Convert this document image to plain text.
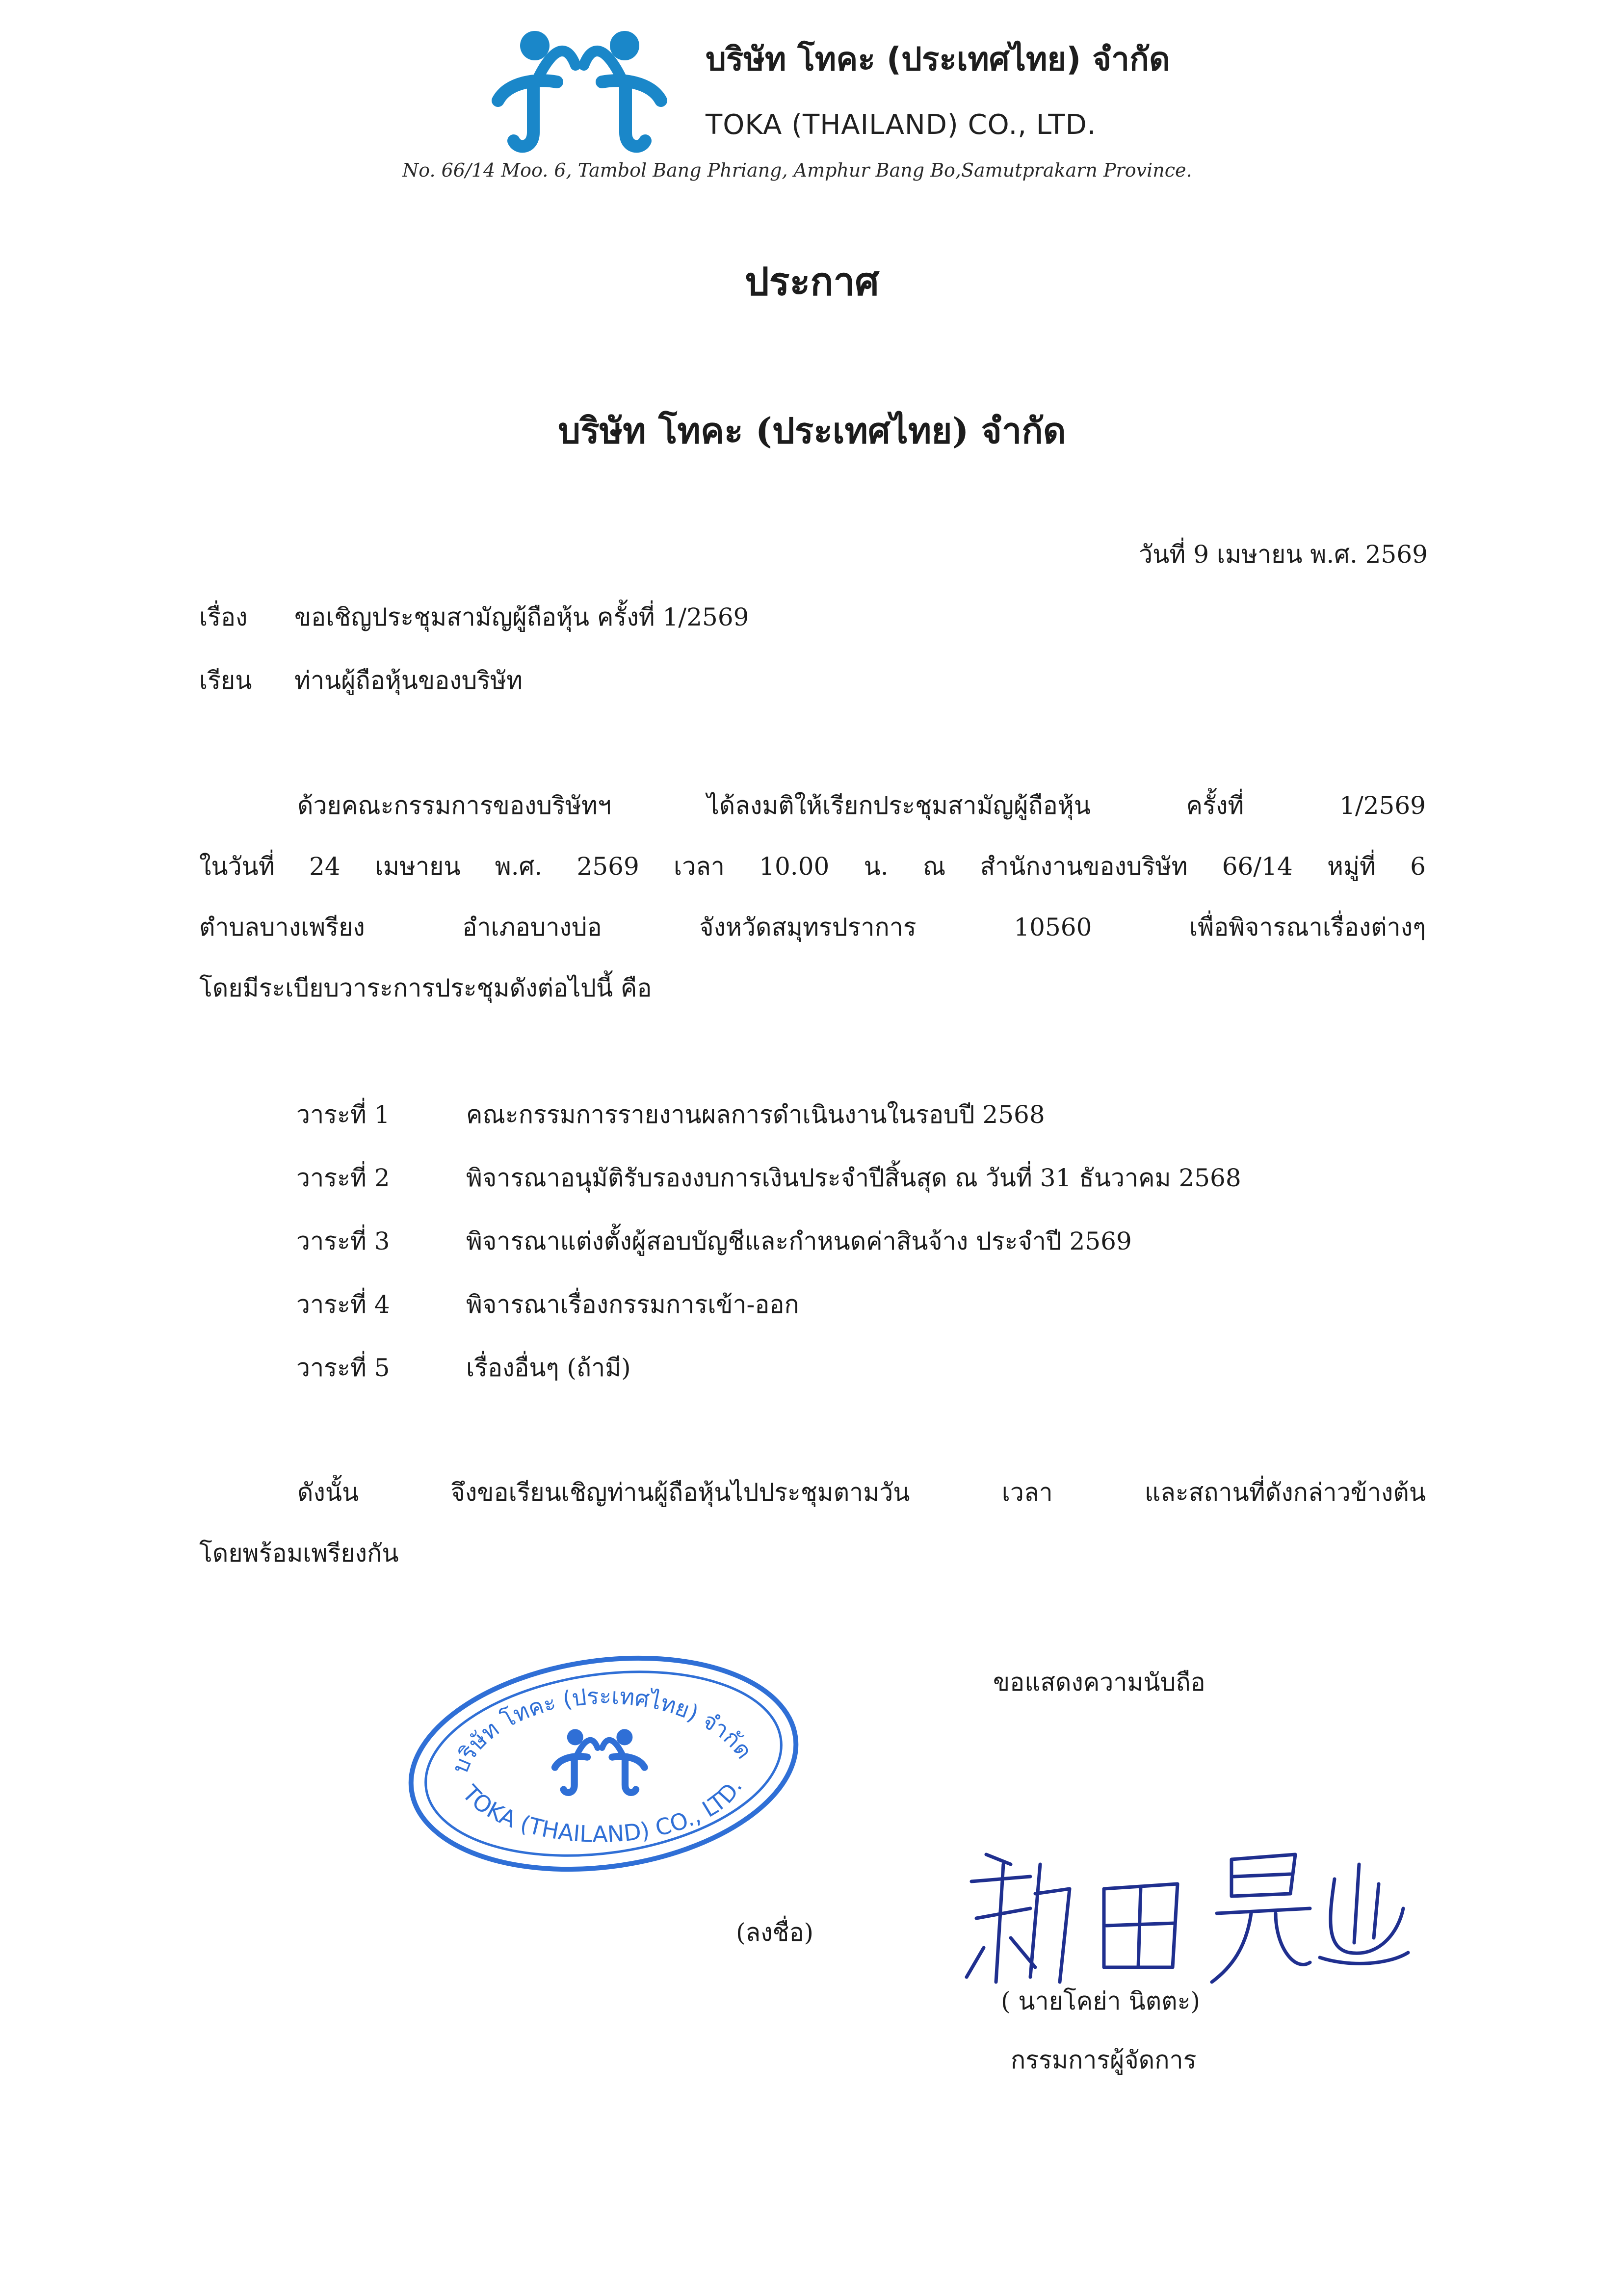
บริษัท โทคะ (ประเทศไทย) จำกัด
TOKA (THAILAND) CO., LTD.
No. 66/14 Moo. 6, Tambol Bang Phriang, Amphur Bang Bo,Samutprakarn Province.
ประกาศ
บริษัท โทคะ (ประเทศไทย) จำกัด
วันที่ 9 เมษายน พ.ศ. 2569
เรื่อง ขอเชิญประชุมสามัญผู้ถือหุ้น ครั้งที่ 1/2569
เรียน ท่านผู้ถือหุ้นของบริษัท
ด้วยคณะกรรมการของบริษัทฯ ได้ลงมติให้เรียกประชุมสามัญผู้ถือหุ้น ครั้งที่ 1/2569
ในวันที่ 24 เมษายน พ.ศ. 2569 เวลา 10.00 น. ณ สำนักงานของบริษัท 66/14 หมู่ที่ 6
ตำบลบางเพรียง อำเภอบางบ่อ จังหวัดสมุทรปราการ 10560 เพื่อพิจารณาเรื่องต่างๆ
โดยมีระเบียบวาระการประชุมดังต่อไปนี้ คือ
วาระที่ 1	คณะกรรมการรายงานผลการดำเนินงานในรอบปี 2568
วาระที่ 2	พิจารณาอนุมัติรับรองงบการเงินประจำปีสิ้นสุด ณ วันที่ 31 ธันวาคม 2568
วาระที่ 3	พิจารณาแต่งตั้งผู้สอบบัญชีและกำหนดค่าสินจ้าง ประจำปี 2569
วาระที่ 4	พิจารณาเรื่องกรรมการเข้า-ออก
วาระที่ 5	เรื่องอื่นๆ (ถ้ามี)
ดังนั้น จึงขอเรียนเชิญท่านผู้ถือหุ้นไปประชุมตามวัน เวลา และสถานที่ดังกล่าวข้างต้น
โดยพร้อมเพรียงกัน
ขอแสดงความนับถือ
บริษัท โทคะ (ประเทศไทย) จำกัด
TOKA (THAILAND) CO., LTD.
(ลงชื่อ)
( นายโคย่า นิตตะ)
กรรมการผู้จัดการ
